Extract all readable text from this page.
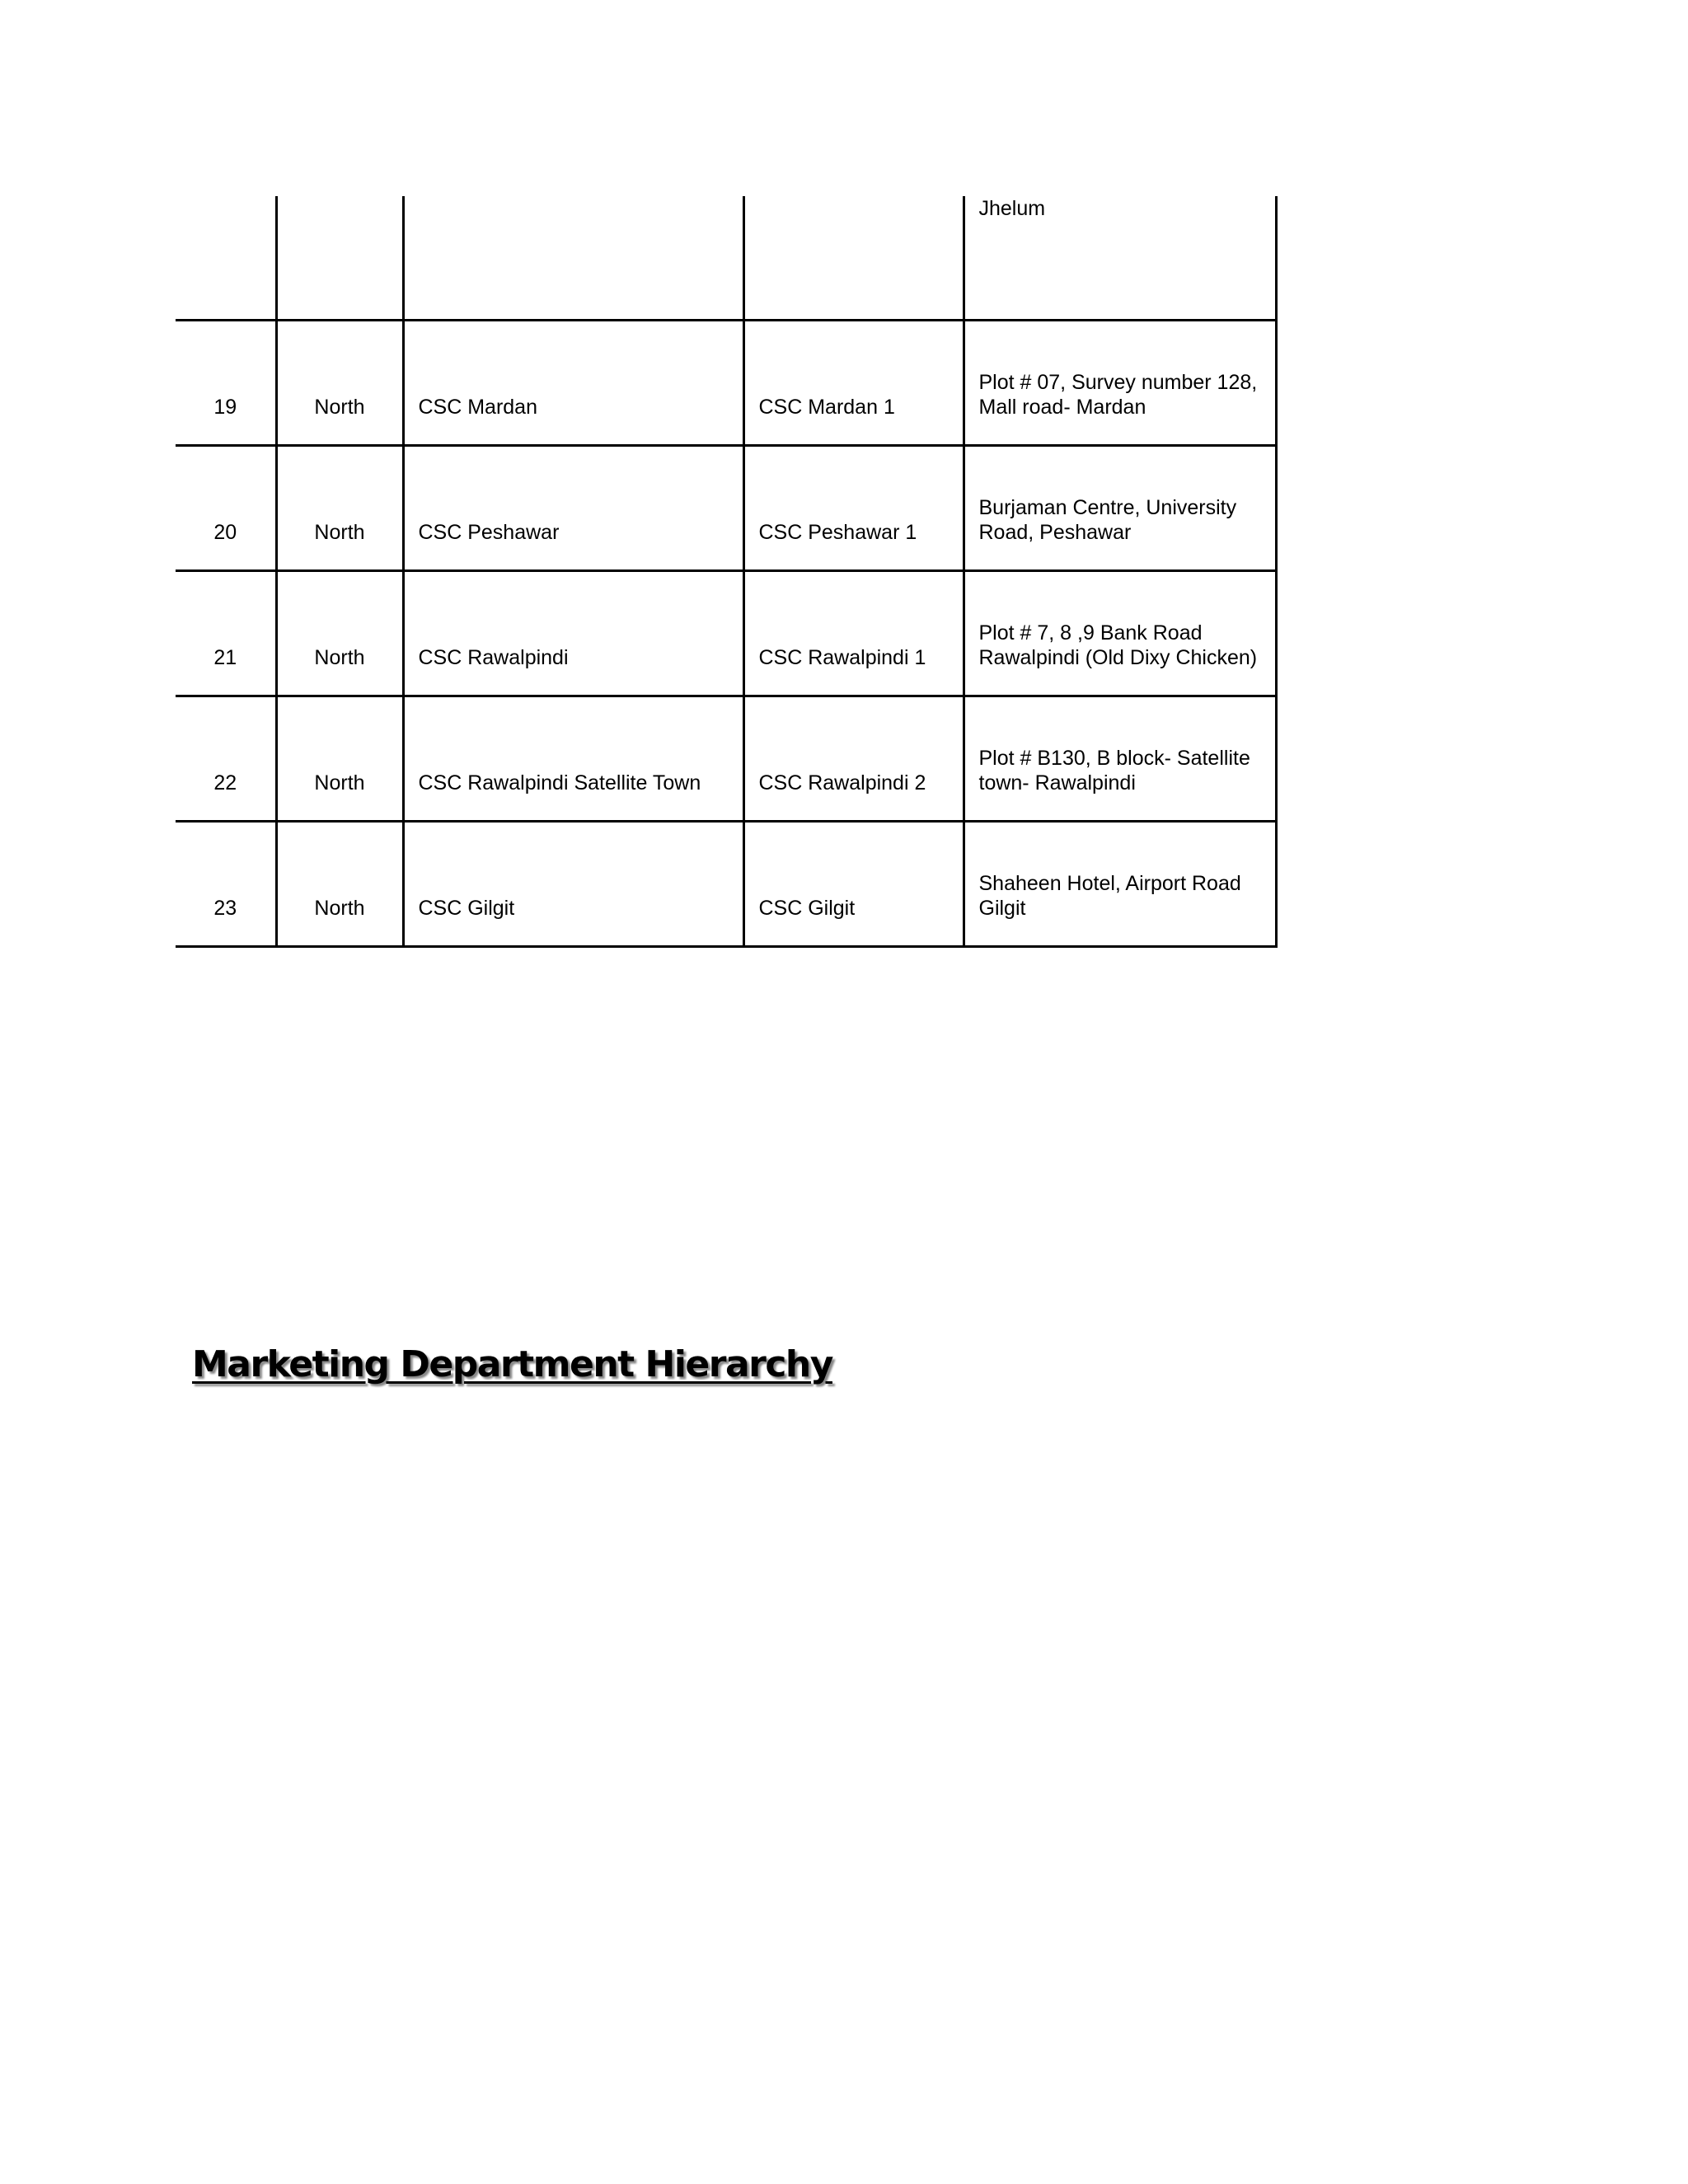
				Jhelum
19	North	CSC Mardan	CSC Mardan 1	Plot # 07, Survey number 128, Mall road- Mardan
20	North	CSC Peshawar	CSC Peshawar 1	Burjaman Centre, University Road, Peshawar
21	North	CSC Rawalpindi	CSC Rawalpindi 1	Plot # 7, 8 ,9 Bank Road Rawalpindi (Old Dixy Chicken)
22	North	CSC Rawalpindi Satellite Town	CSC Rawalpindi 2	Plot # B130, B block- Satellite town- Rawalpindi
23	North	CSC Gilgit	CSC Gilgit	Shaheen Hotel, Airport Road Gilgit
Marketing Department Hierarchy
